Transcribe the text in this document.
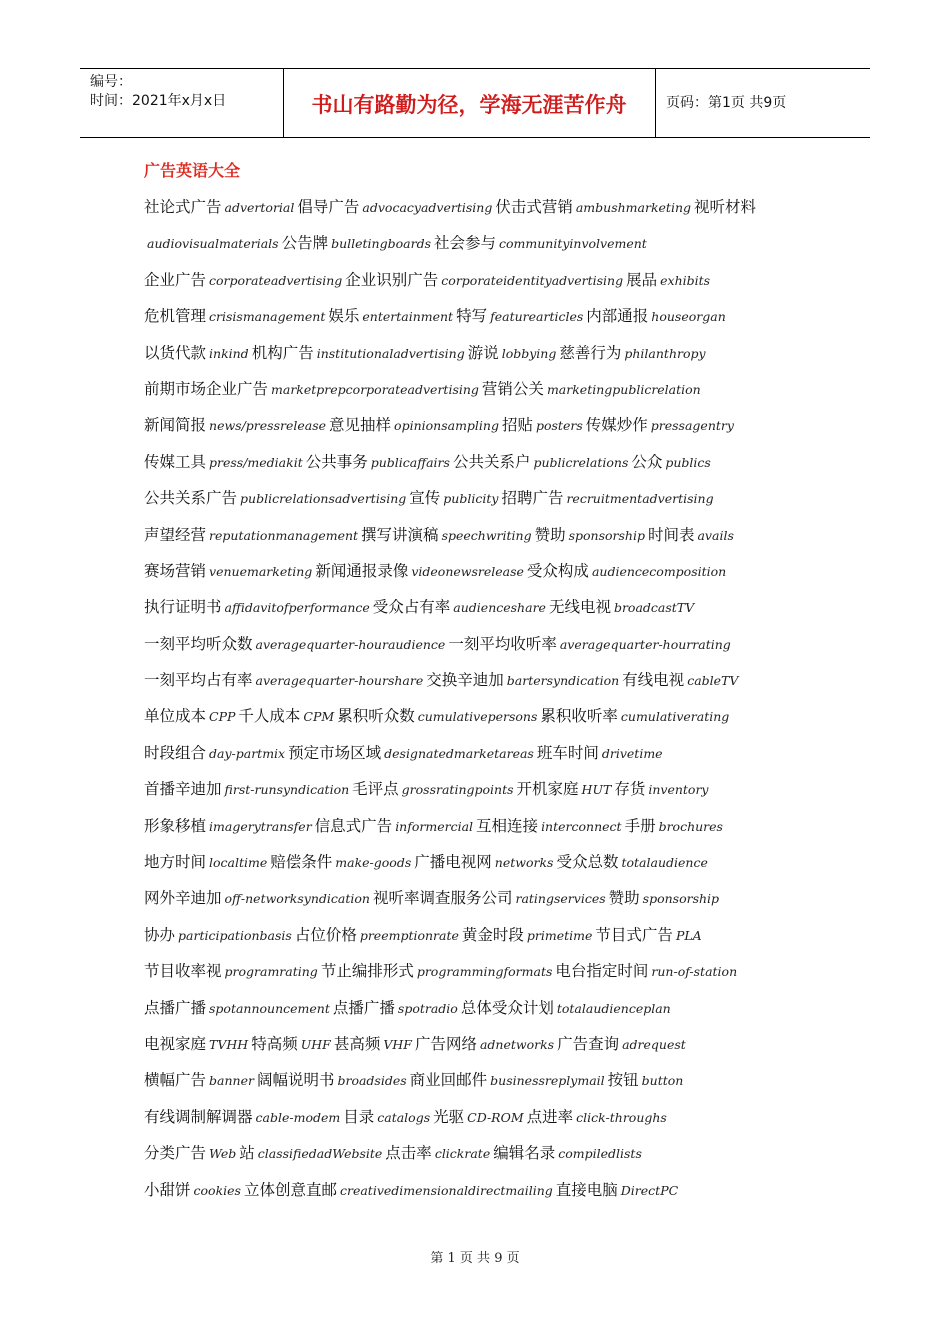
编号：
时间：2021年x月x日	书山有路勤为径，学海无涯苦作舟	页码：第1页 共9页
广告英语大全
社论式广告 advertorial 倡导广告 advocacyadvertising 伏击式营销 ambushmarketing 视听材料
audiovisualmaterials 公告牌 bulletingboards 社会参与 communityinvolvement
企业广告 corporateadvertising 企业识别广告 corporateidentityadvertising 展品 exhibits
危机管理 crisismanagement 娱乐 entertainment 特写 featurearticles 内部通报 houseorgan
以货代款 inkind 机构广告 institutionaladvertising 游说 lobbying 慈善行为 philanthropy
前期市场企业广告 marketprepcorporateadvertising 营销公关 marketingpublicrelation
新闻简报 news/pressrelease 意见抽样 opinionsampling 招贴 posters 传媒炒作 pressagentry
传媒工具 press/mediakit 公共事务 publicaffairs 公共关系户 publicrelations 公众 publics
公共关系广告 publicrelationsadvertising 宣传 publicity 招聘广告 recruitmentadvertising
声望经营 reputationmanagement 撰写讲演稿 speechwriting 赞助 sponsorship 时间表 avails
赛场营销 venuemarketing 新闻通报录像 videonewsrelease 受众构成 audiencecomposition
执行证明书 affidavitofperformance 受众占有率 audienceshare 无线电视 broadcastTV
一刻平均听众数 averagequarter-houraudience 一刻平均收听率 averagequarter-hourrating
一刻平均占有率 averagequarter-hourshare 交换辛迪加 bartersyndication 有线电视 cableTV
单位成本 CPP 千人成本 CPM 累积听众数 cumulativepersons 累积收听率 cumulativerating
时段组合 day-partmix 预定市场区域 designatedmarketareas 班车时间 drivetime
首播辛迪加 first-runsyndication 毛评点 grossratingpoints 开机家庭 HUT 存货 inventory
形象移植 imagerytransfer 信息式广告 informercial 互相连接 interconnect 手册 brochures
地方时间 localtime 赔偿条件 make-goods 广播电视网 networks 受众总数 totalaudience
网外辛迪加 off-networksyndication 视听率调查服务公司 ratingservices 赞助 sponsorship
协办 participationbasis 占位价格 preemptionrate 黄金时段 primetime 节目式广告 PLA
节目收率视 programrating 节止编排形式 programmingformats 电台指定时间 run-of-station
点播广播 spotannouncement 点播广播 spotradio 总体受众计划 totalaudienceplan
电视家庭 TVHH 特高频 UHF 甚高频 VHF 广告网络 adnetworks 广告查询 adrequest
横幅广告 banner 阔幅说明书 broadsides 商业回邮件 businessreplymail 按钮 button
有线调制解调器 cable-modem 目录 catalogs 光驱 CD-ROM 点进率 click-throughs
分类广告 Web 站 classifiedadWebsite 点击率 clickrate 编辑名录 compiledlists
小甜饼 cookies 立体创意直邮 creativedimensionaldirectmailing 直接电脑 DirectPC
第 1 页 共 9 页
